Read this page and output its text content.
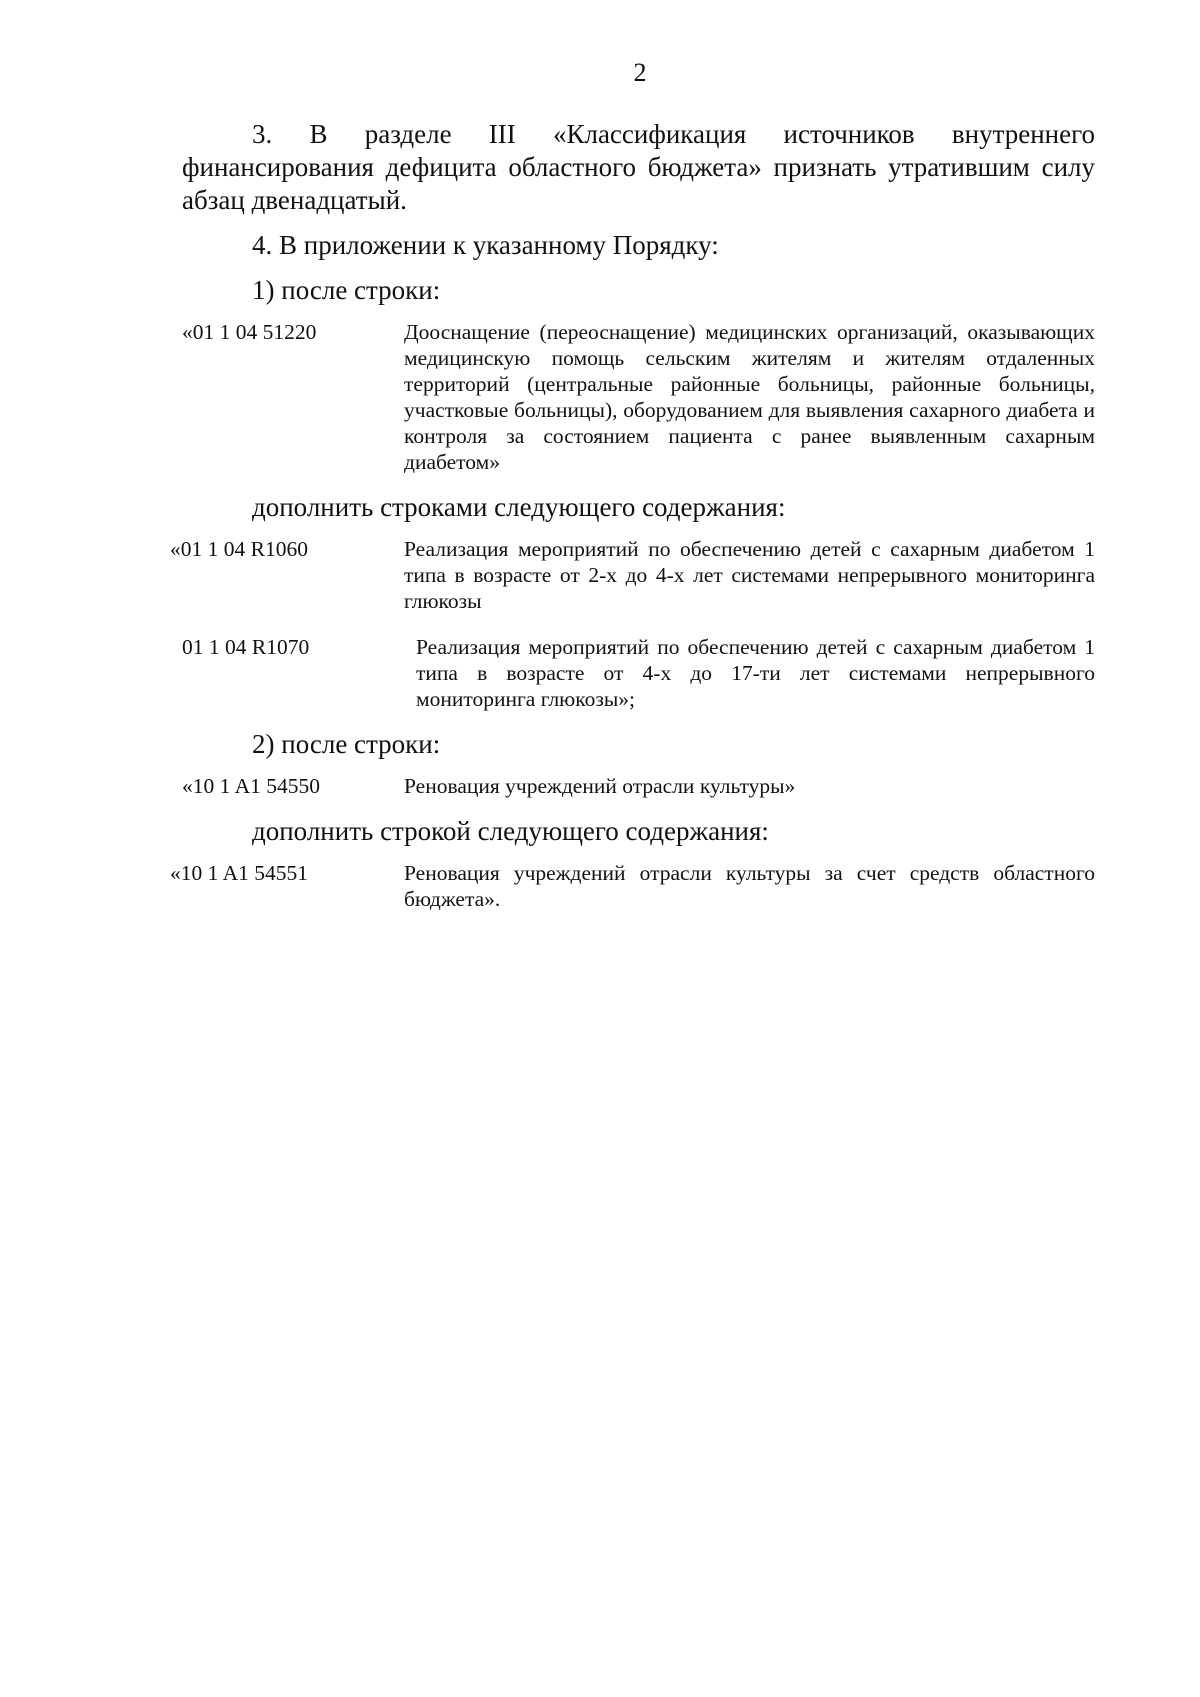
2

3. В разделе III «Классификация источников внутреннего финансирования дефицита областного бюджета» признать утратившим силу абзац двенадцатый.

4. В приложении к указанному Порядку:

1) после строки:

«01 1 04 51220	Дооснащение (переоснащение) медицинских организаций, оказывающих медицинскую помощь сельским жителям и жителям отдаленных территорий (центральные районные больницы, районные больницы, участковые больницы), оборудованием для выявления сахарного диабета и контроля за состоянием пациента с ранее выявленным сахарным диабетом»

дополнить строками следующего содержания:

«01 1 04 R1060	Реализация мероприятий по обеспечению детей с сахарным диабетом 1 типа в возрасте от 2-х до 4-х лет системами непрерывного мониторинга глюкозы
01 1 04 R1070	Реализация мероприятий по обеспечению детей с сахарным диабетом 1 типа в возрасте от 4-х до 17-ти лет системами непрерывного мониторинга глюкозы»;

2) после строки:

«10 1 A1 54550	Реновация учреждений отрасли культуры»

дополнить строкой следующего содержания:

«10 1 A1 54551	Реновация учреждений отрасли культуры за счет средств областного бюджета».
